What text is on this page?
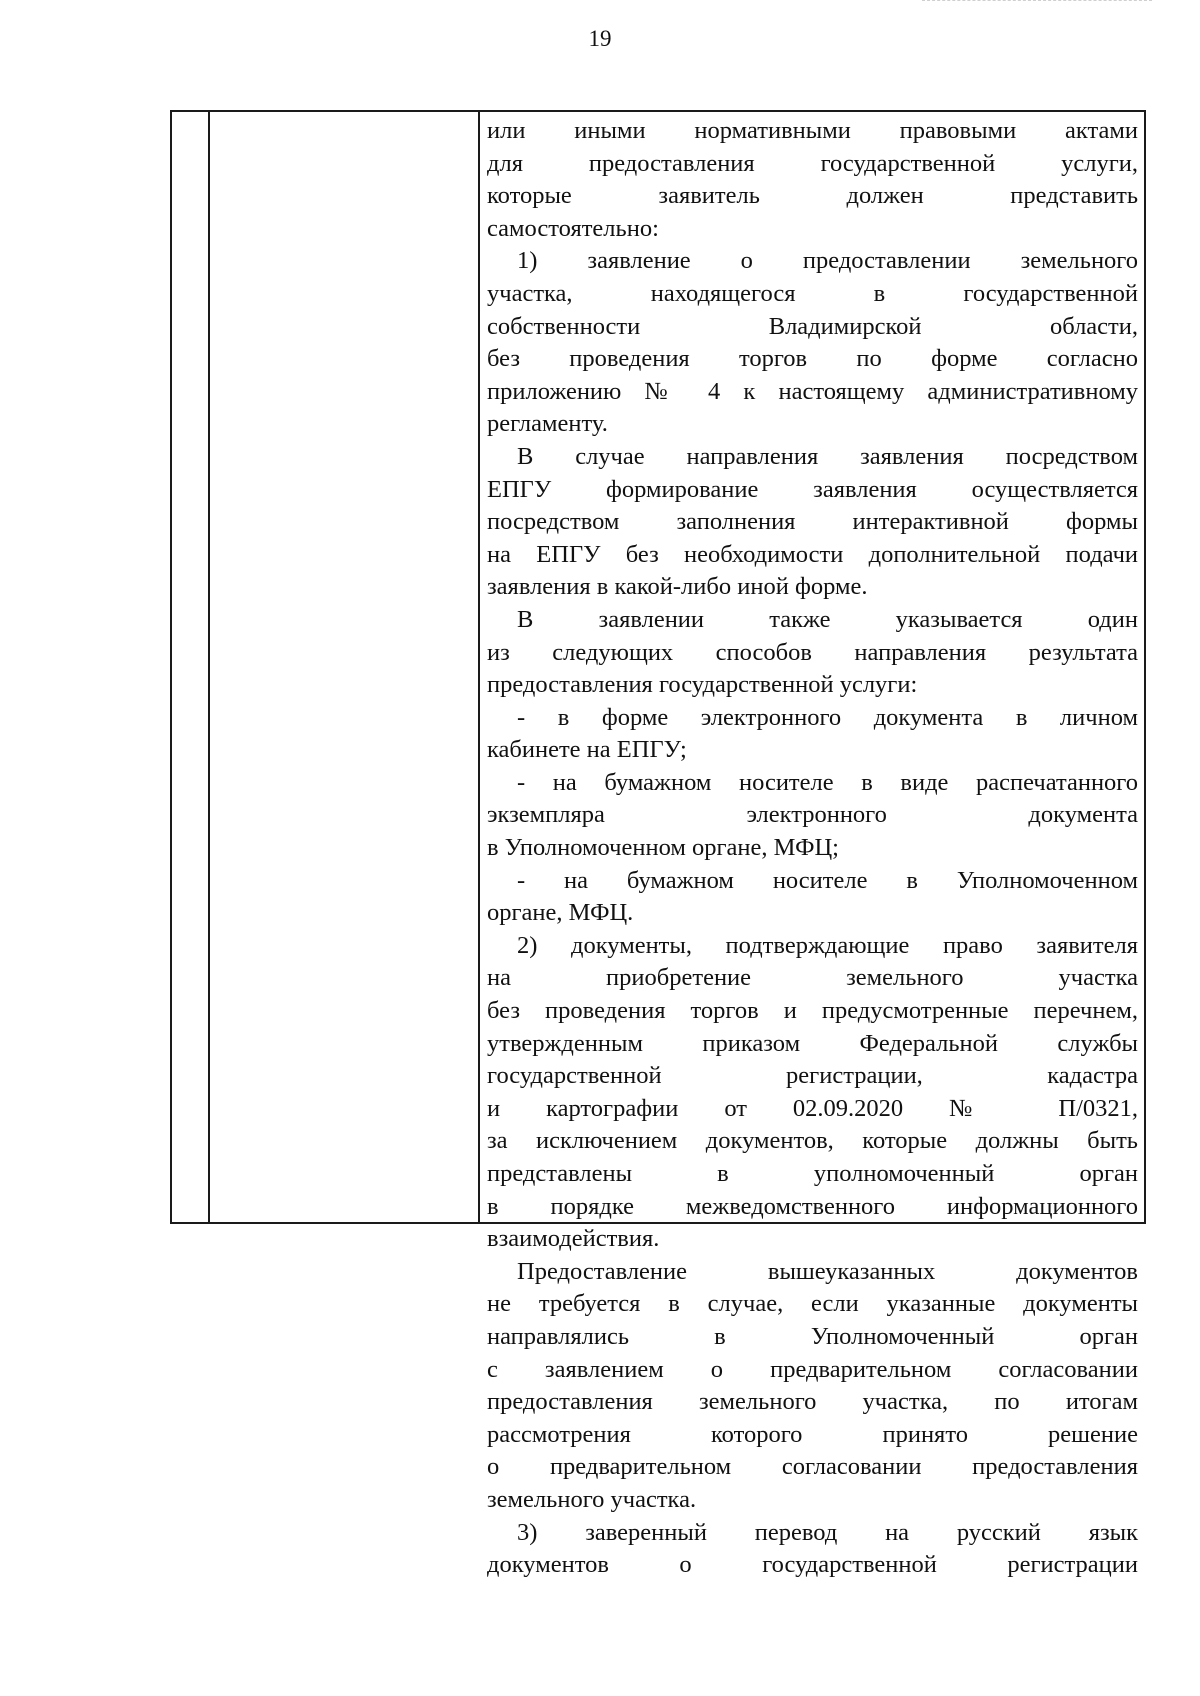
19
или иными нормативными правовыми актами
для предоставления государственной услуги,
которые заявитель должен представить
самостоятельно:
1) заявление о предоставлении земельного
участка, находящегося в государственной
собственности Владимирской области,
без проведения торгов по форме согласно
приложению № 4 к настоящему административному
регламенту.
В случае направления заявления посредством
ЕПГУ формирование заявления осуществляется
посредством заполнения интерактивной формы
на ЕПГУ без необходимости дополнительной подачи
заявления в какой-либо иной форме.
В заявлении также указывается один
из следующих способов направления результата
предоставления государственной услуги:
- в форме электронного документа в личном
кабинете на ЕПГУ;
- на бумажном носителе в виде распечатанного
экземпляра электронного документа
в Уполномоченном органе, МФЦ;
- на бумажном носителе в Уполномоченном
органе, МФЦ.
2) документы, подтверждающие право заявителя
на приобретение земельного участка
без проведения торгов и предусмотренные перечнем,
утвержденным приказом Федеральной службы
государственной регистрации, кадастра
и картографии от 02.09.2020 № П/0321,
за исключением документов, которые должны быть
представлены в уполномоченный орган
в порядке межведомственного информационного
взаимодействия.
Предоставление вышеуказанных документов
не требуется в случае, если указанные документы
направлялись в Уполномоченный орган
с заявлением о предварительном согласовании
предоставления земельного участка, по итогам
рассмотрения которого принято решение
о предварительном согласовании предоставления
земельного участка.
3) заверенный перевод на русский язык
документов о государственной регистрации
